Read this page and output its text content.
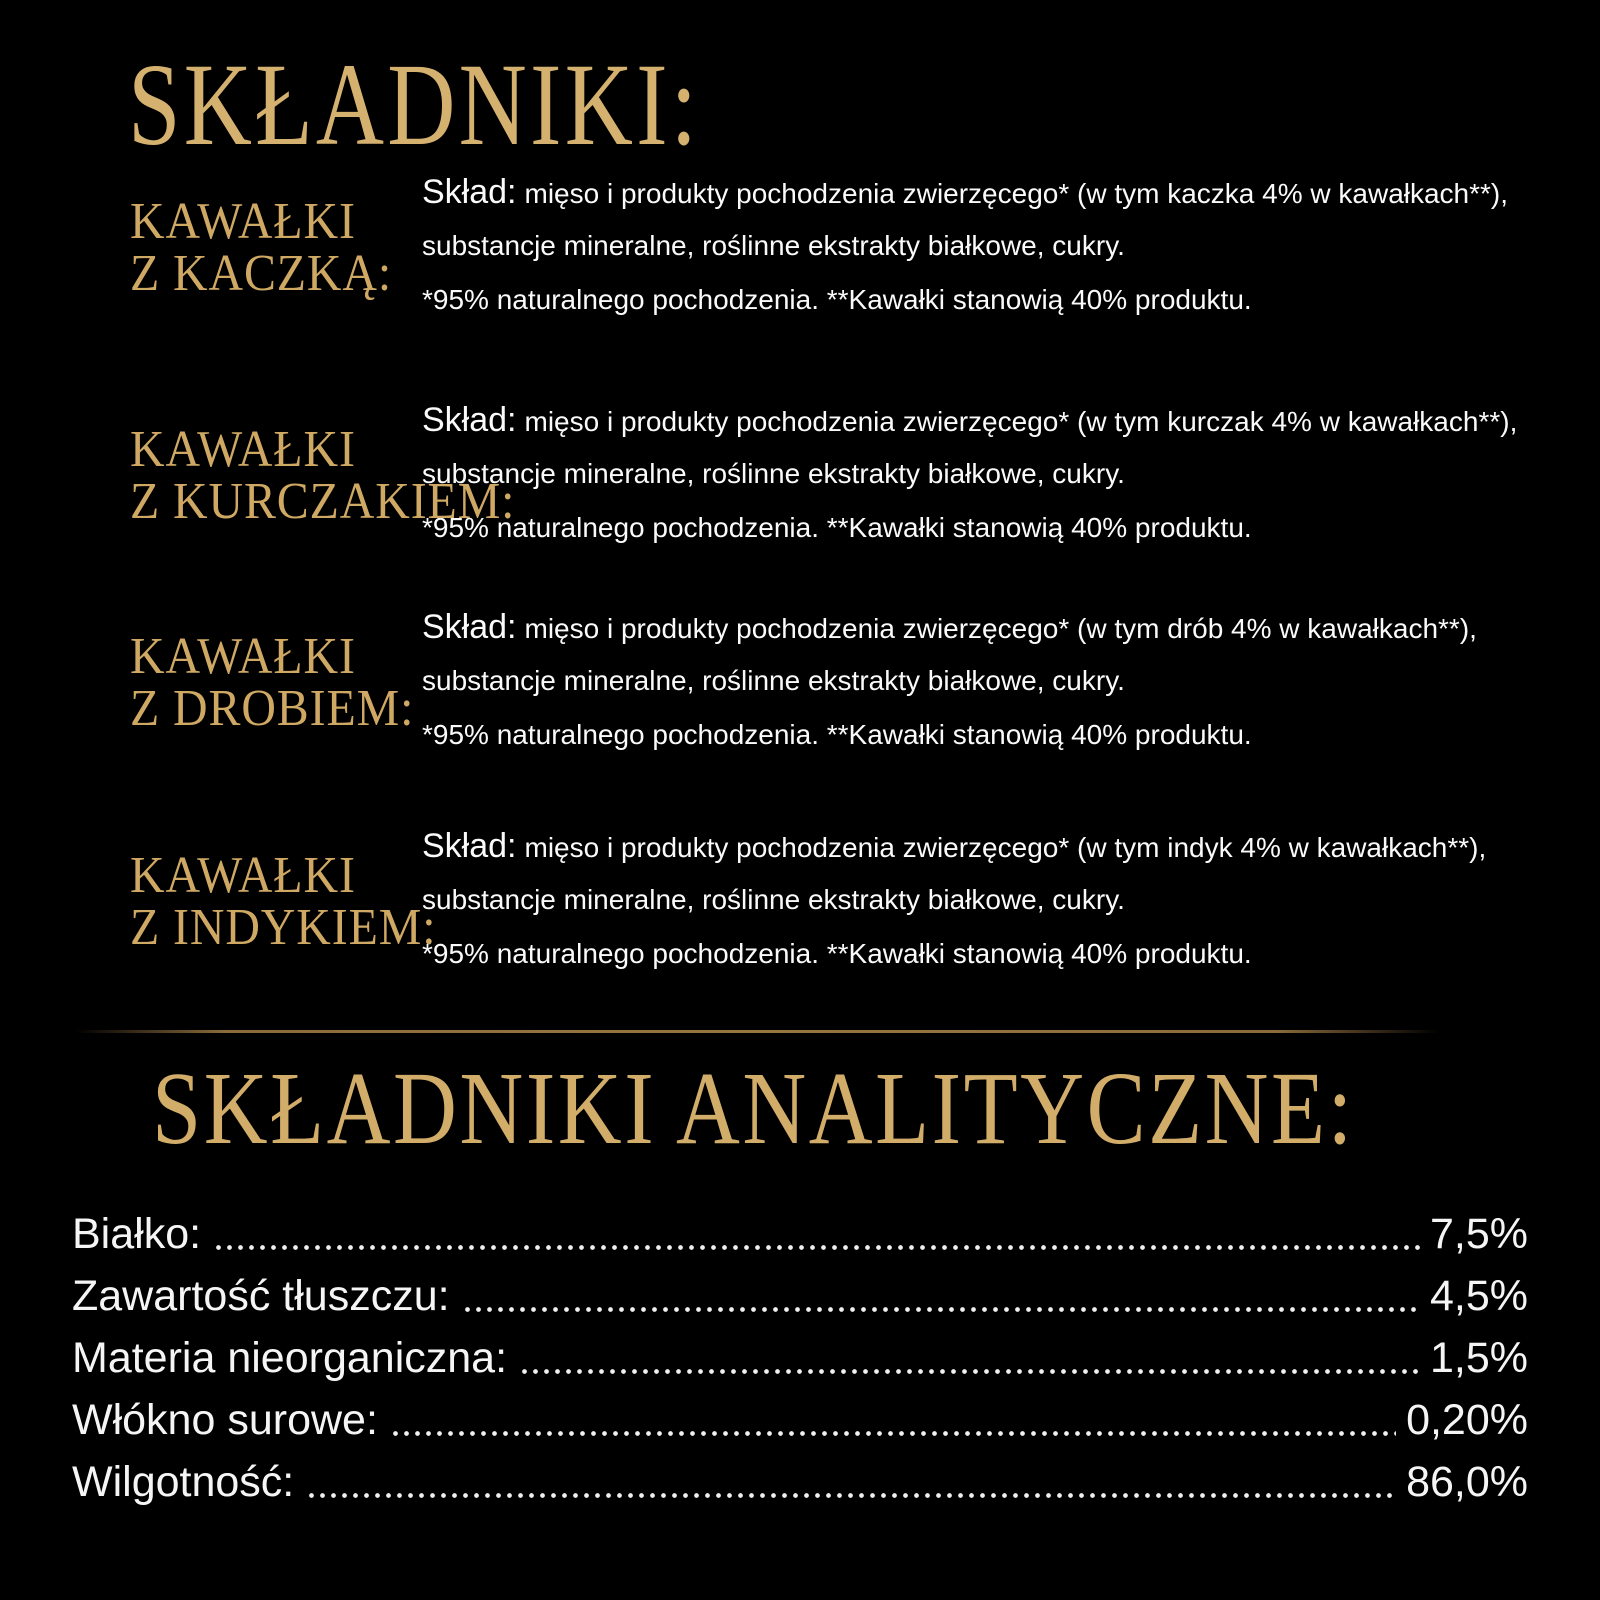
SKŁADNIKI:
KAWAŁKI
Z KACZKĄ:
Skład: mięso i produkty pochodzenia zwierzęcego* (w tym kaczka 4% w kawałkach**),
substancje mineralne, roślinne ekstrakty białkowe, cukry.
*95% naturalnego pochodzenia. **Kawałki stanowią 40% produktu.
KAWAŁKI
Z KURCZAKIEM:
Skład: mięso i produkty pochodzenia zwierzęcego* (w tym kurczak 4% w kawałkach**),
substancje mineralne, roślinne ekstrakty białkowe, cukry.
*95% naturalnego pochodzenia. **Kawałki stanowią 40% produktu.
KAWAŁKI
Z DROBIEM:
Skład: mięso i produkty pochodzenia zwierzęcego* (w tym drób 4% w kawałkach**),
substancje mineralne, roślinne ekstrakty białkowe, cukry.
*95% naturalnego pochodzenia. **Kawałki stanowią 40% produktu.
KAWAŁKI
Z INDYKIEM:
Skład: mięso i produkty pochodzenia zwierzęcego* (w tym indyk 4% w kawałkach**),
substancje mineralne, roślinne ekstrakty białkowe, cukry.
*95% naturalnego pochodzenia. **Kawałki stanowią 40% produktu.
SKŁADNIKI ANALITYCZNE:
Białko:	7,5%
Zawartość tłuszczu:	4,5%
Materia nieorganiczna:	1,5%
Włókno surowe:	0,20%
Wilgotność:	86,0%
